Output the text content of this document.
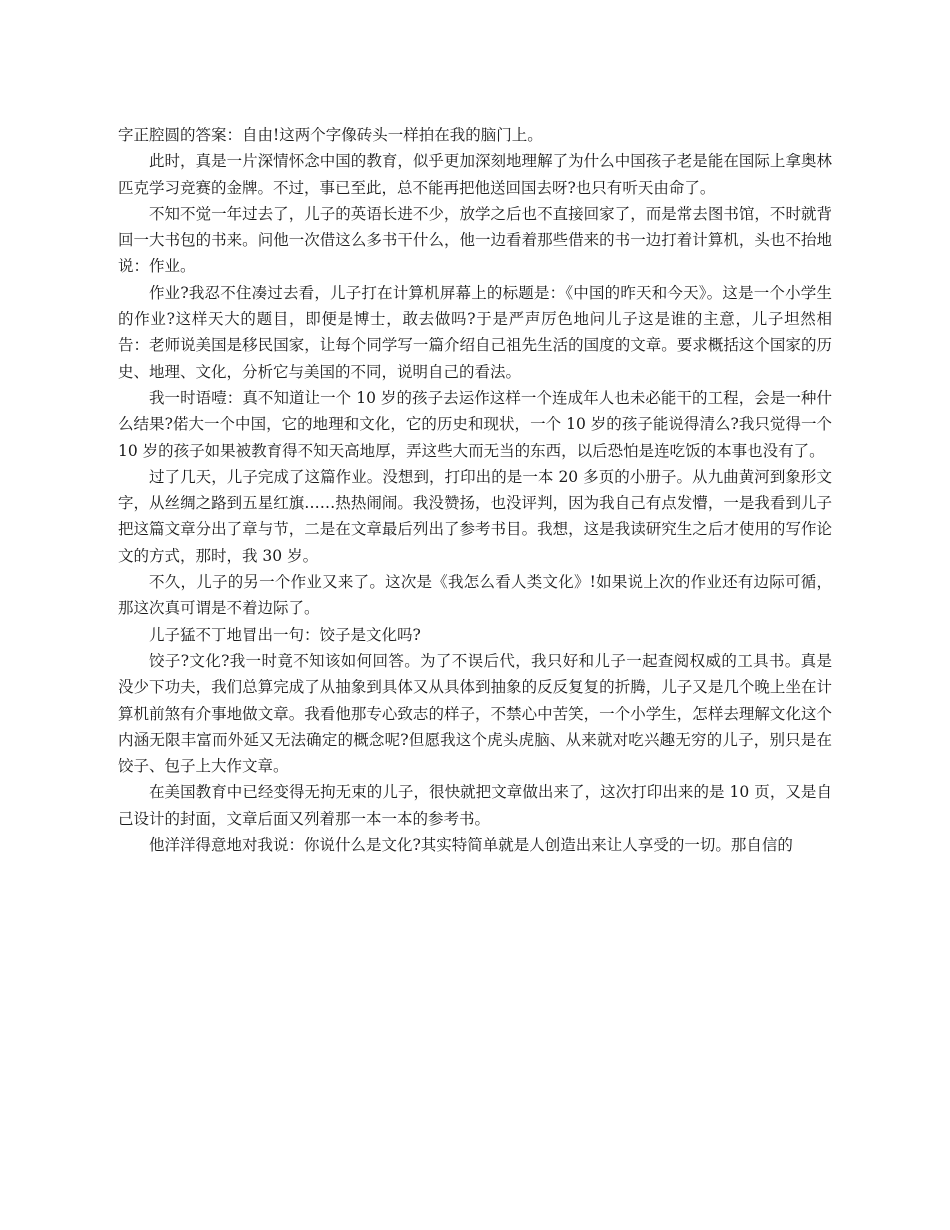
字正腔圆的答案：自由!这两个字像砖头一样拍在我的脑门上。

此时，真是一片深情怀念中国的教育，似乎更加深刻地理解了为什么中国孩子老是能在国际上拿奥林匹克学习竞赛的金牌。不过，事已至此，总不能再把他送回国去呀?也只有听天由命了。

不知不觉一年过去了，儿子的英语长进不少，放学之后也不直接回家了，而是常去图书馆，不时就背回一大书包的书来。问他一次借这么多书干什么，他一边看着那些借来的书一边打着计算机，头也不抬地说：作业。

作业?我忍不住凑过去看，儿子打在计算机屏幕上的标题是：《中国的昨天和今天》。这是一个小学生的作业?这样天大的题目，即便是博士，敢去做吗?于是严声厉色地问儿子这是谁的主意，儿子坦然相告：老师说美国是移民国家，让每个同学写一篇介绍自己祖先生活的国度的文章。要求概括这个国家的历史、地理、文化，分析它与美国的不同，说明自己的看法。

我一时语噎：真不知道让一个 10 岁的孩子去运作这样一个连成年人也未必能干的工程，会是一种什么结果?偌大一个中国，它的地理和文化，它的历史和现状，一个 10 岁的孩子能说得清么?我只觉得一个 10 岁的孩子如果被教育得不知天高地厚，弄这些大而无当的东西，以后恐怕是连吃饭的本事也没有了。

过了几天，儿子完成了这篇作业。没想到，打印出的是一本 20 多页的小册子。从九曲黄河到象形文字，从丝绸之路到五星红旗……热热闹闹。我没赞扬，也没评判，因为我自己有点发懵，一是我看到儿子把这篇文章分出了章与节，二是在文章最后列出了参考书目。我想，这是我读研究生之后才使用的写作论文的方式，那时，我 30 岁。

不久，儿子的另一个作业又来了。这次是《我怎么看人类文化》!如果说上次的作业还有边际可循，那这次真可谓是不着边际了。

儿子猛不丁地冒出一句：饺子是文化吗?

饺子?文化?我一时竟不知该如何回答。为了不误后代，我只好和儿子一起查阅权威的工具书。真是没少下功夫，我们总算完成了从抽象到具体又从具体到抽象的反反复复的折腾，儿子又是几个晚上坐在计算机前煞有介事地做文章。我看他那专心致志的样子，不禁心中苦笑，一个小学生，怎样去理解文化这个内涵无限丰富而外延又无法确定的概念呢?但愿我这个虎头虎脑、从来就对吃兴趣无穷的儿子，别只是在饺子、包子上大作文章。

在美国教育中已经变得无拘无束的儿子，很快就把文章做出来了，这次打印出来的是 10 页，又是自己设计的封面，文章后面又列着那一本一本的参考书。

他洋洋得意地对我说：你说什么是文化?其实特简单就是人创造出来让人享受的一切。那自信的
